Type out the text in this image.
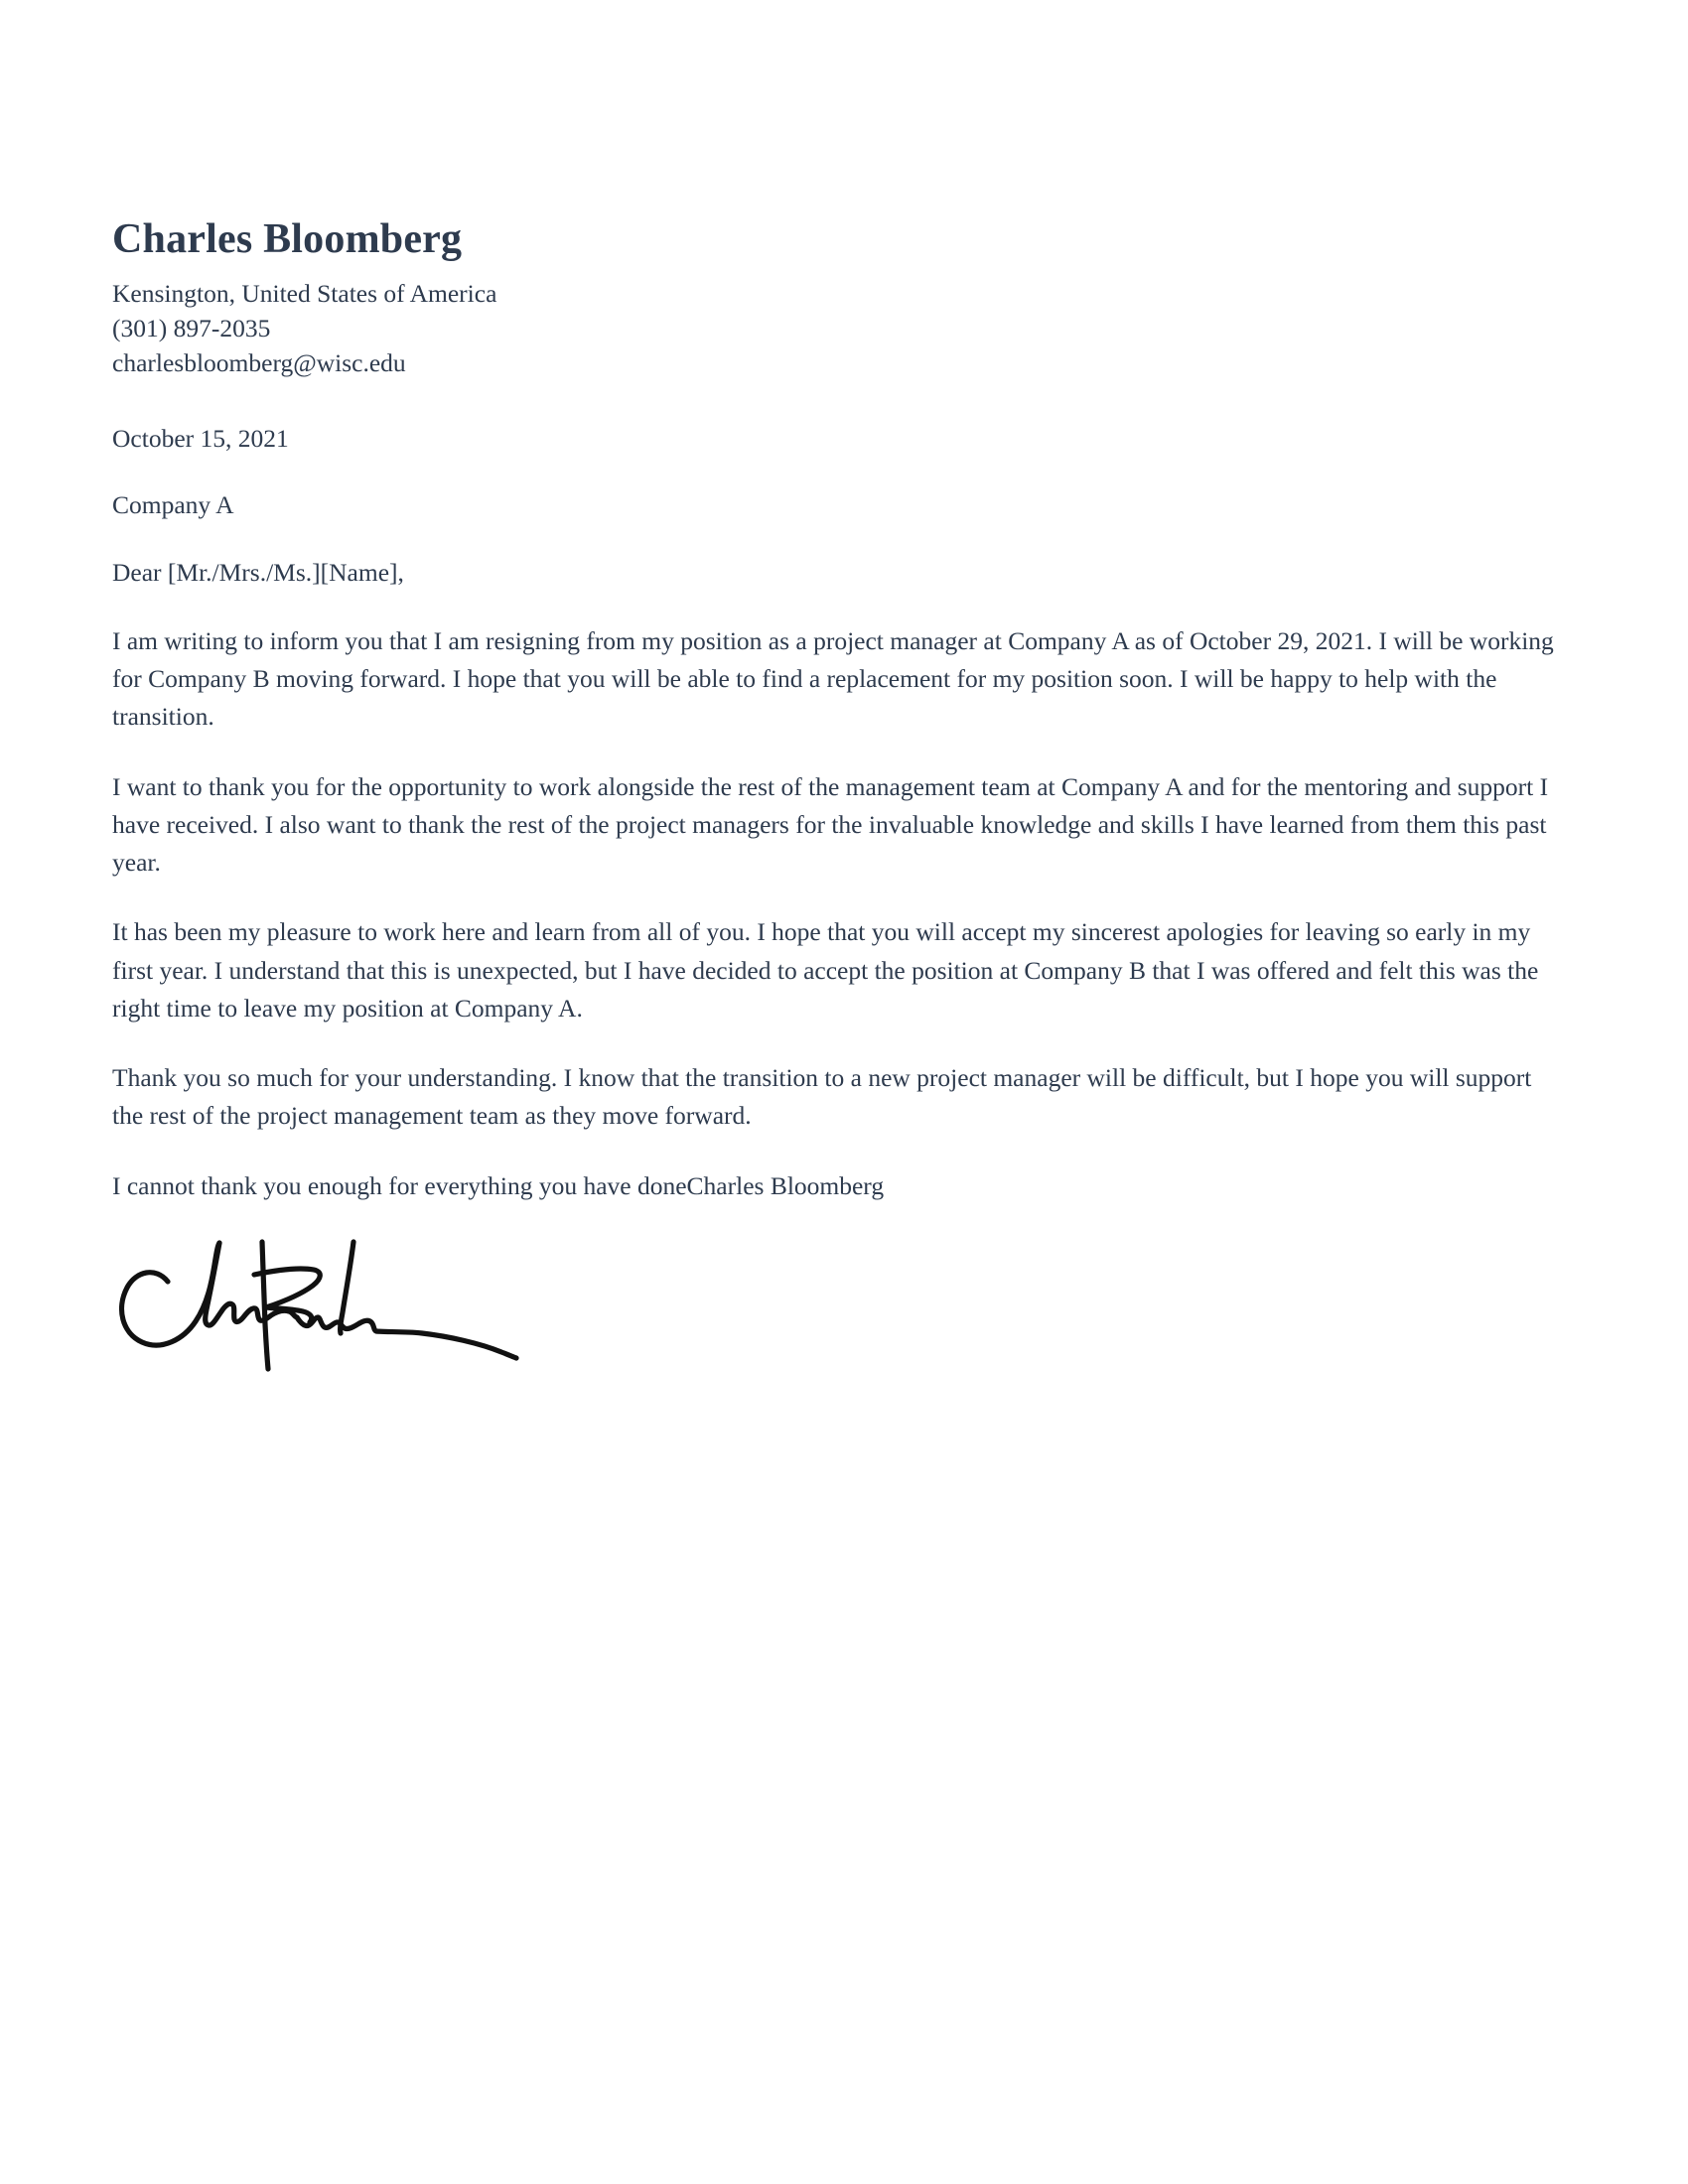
Charles Bloomberg

Kensington, United States of America

(301) 897-2035

charlesbloomberg@wisc.edu

October 15, 2021

Company A

Dear [Mr./Mrs./Ms.][Name],

I am writing to inform you that I am resigning from my position as a project manager at Company A as of October 29, 2021. I will be working for Company B moving forward. I hope that you will be able to find a replacement for my position soon. I will be happy to help with the transition.

I want to thank you for the opportunity to work alongside the rest of the management team at Company A and for the mentoring and support I have received. I also want to thank the rest of the project managers for the invaluable knowledge and skills I have learned from them this past year.

It has been my pleasure to work here and learn from all of you. I hope that you will accept my sincerest apologies for leaving so early in my first year. I understand that this is unexpected, but I have decided to accept the position at Company B that I was offered and felt this was the right time to leave my position at Company A.

Thank you so much for your understanding. I know that the transition to a new project manager will be difficult, but I hope you will support the rest of the project management team as they move forward.

I cannot thank you enough for everything you have doneCharles Bloomberg
